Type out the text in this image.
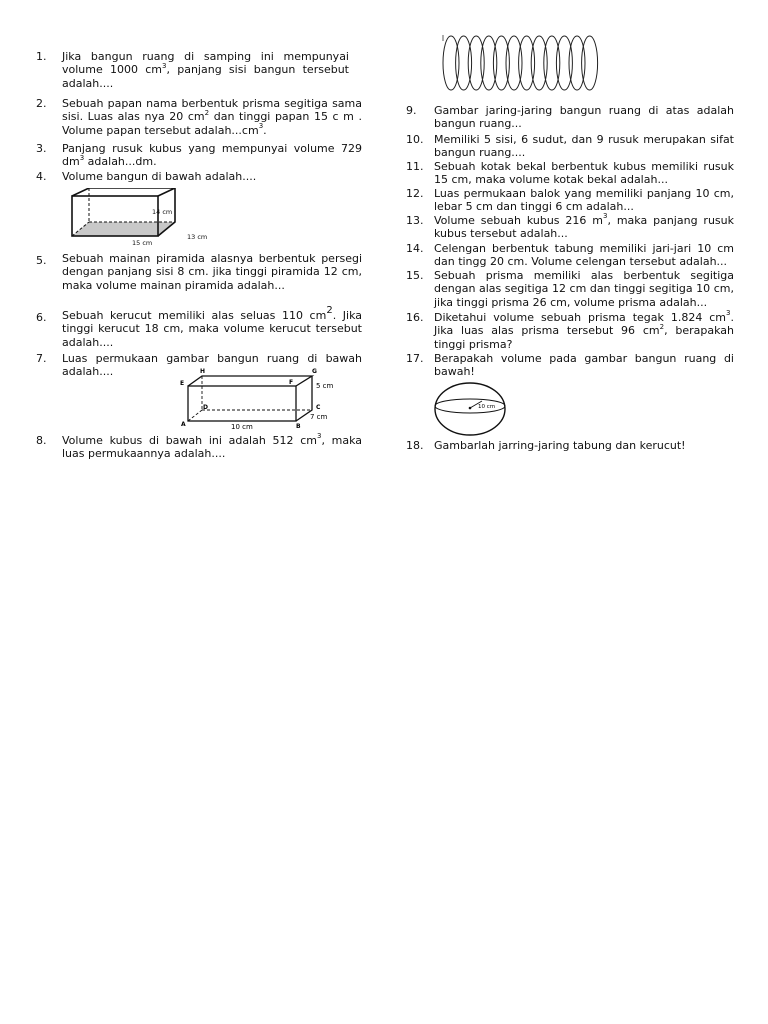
1.	Jika bangun ruang di samping ini mempunyai volume 1000 $cm^3$, panjang sisi bangun tersebut adalah....
2.	Sebuah papan nama berbentuk prisma segitiga sama sisi. Luas alas nya 20 $cm^2$ dan tinggi papan 15 c m . Volume papan tersebut $adalah...cm^3$.
3.	Panjang rusuk kubus yang mempunyai volume 729 $dm^3$ adalah...dm.
4.	Volume bangun di bawah adalah....
14 cm
15 cm
13 cm
5.	Sebuah mainan piramida alasnya berbentuk persegi dengan panjang sisi 8 cm. jika tinggi piramida 12 cm, maka volume mainan piramida adalah...
6.	Sebuah kerucut memiliki alas seluas 110 $cm^2$. Jika tinggi kerucut 18 cm, maka volume kerucut tersebut adalah....
7.	Luas permukaan gambar bangun ruang di bawah adalah....	H	G
E	F
D	C
A	B
5 cm
7 cm
10 cm
8.	Volume kubus di bawah ini adalah 512 $cm^3$, maka luas permukaannya adalah....
9.	Gambar jaring-jaring bangun ruang di atas adalah bangun ruang...
10. Memiliki 5 sisi, 6 sudut, dan 9 rusuk merupakan sifat bangun ruang....
11. Sebuah kotak bekal berbentuk kubus memiliki rusuk 15 cm, maka volume kotak bekal adalah...
12. Luas permukaan balok yang memiliki panjang 10 cm, lebar 5 cm dan tinggi 6 cm adalah...
13. Volume sebuah kubus 216 $m^3$, maka panjang rusuk kubus tersebut adalah...
14. Celengan berbentuk tabung memiliki jari-jari 10 cm dan tingg 20 cm. Volume celengan tersebut adalah...
15. Sebuah prisma memiliki alas berbentuk segitiga dengan alas segitiga 12 cm dan tinggi segitiga 10 cm, jika tinggi prisma 26 cm, volume prisma adalah...
16. Diketahui volume sebuah prisma tegak 1.824 $cm^3$. Jika luas alas prisma tersebut 96 $cm^2$, berapakah tinggi prisma?
17. Berapakah volume pada gambar bangun ruang di bawah!
10 cm
18. Gambarlah jarring-jaring tabung dan kerucut!
